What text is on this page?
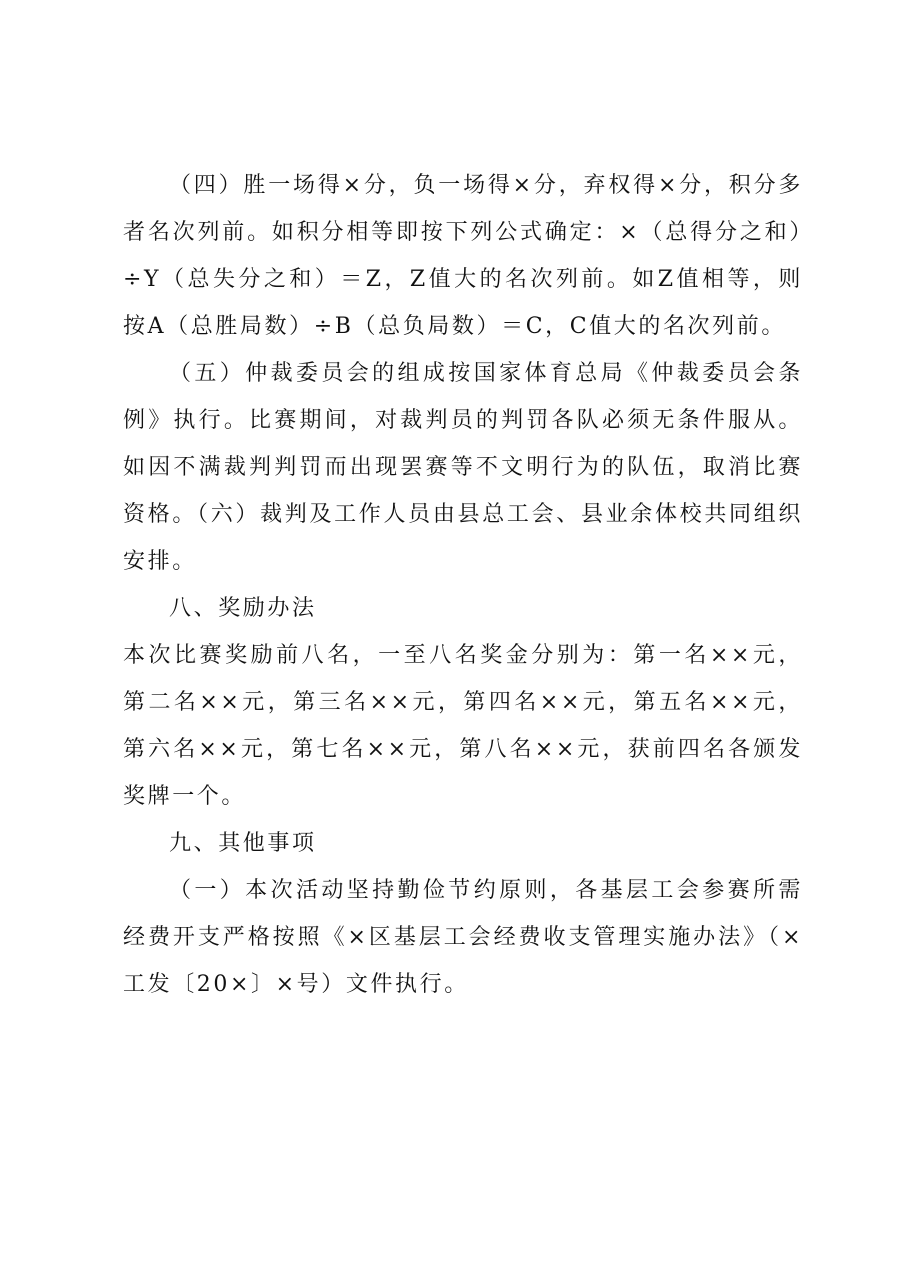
（四）胜一场得×分，负一场得×分，弃权得×分，积分多者名次列前。如积分相等即按下列公式确定：×（总得分之和）÷Y（总失分之和）＝Z，Z值大的名次列前。如Z值相等，则按A（总胜局数）÷B（总负局数）＝C，C值大的名次列前。

（五）仲裁委员会的组成按国家体育总局《仲裁委员会条例》执行。比赛期间，对裁判员的判罚各队必须无条件服从。如因不满裁判判罚而出现罢赛等不文明行为的队伍，取消比赛资格。（六）裁判及工作人员由县总工会、县业余体校共同组织安排。

八、奖励办法

本次比赛奖励前八名，一至八名奖金分别为：第一名××元，第二名××元，第三名××元，第四名××元，第五名××元，第六名××元，第七名××元，第八名××元，获前四名各颁发奖牌一个。

九、其他事项

（一）本次活动坚持勤俭节约原则，各基层工会参赛所需经费开支严格按照《×区基层工会经费收支管理实施办法》（×工发〔20×〕×号）文件执行。
